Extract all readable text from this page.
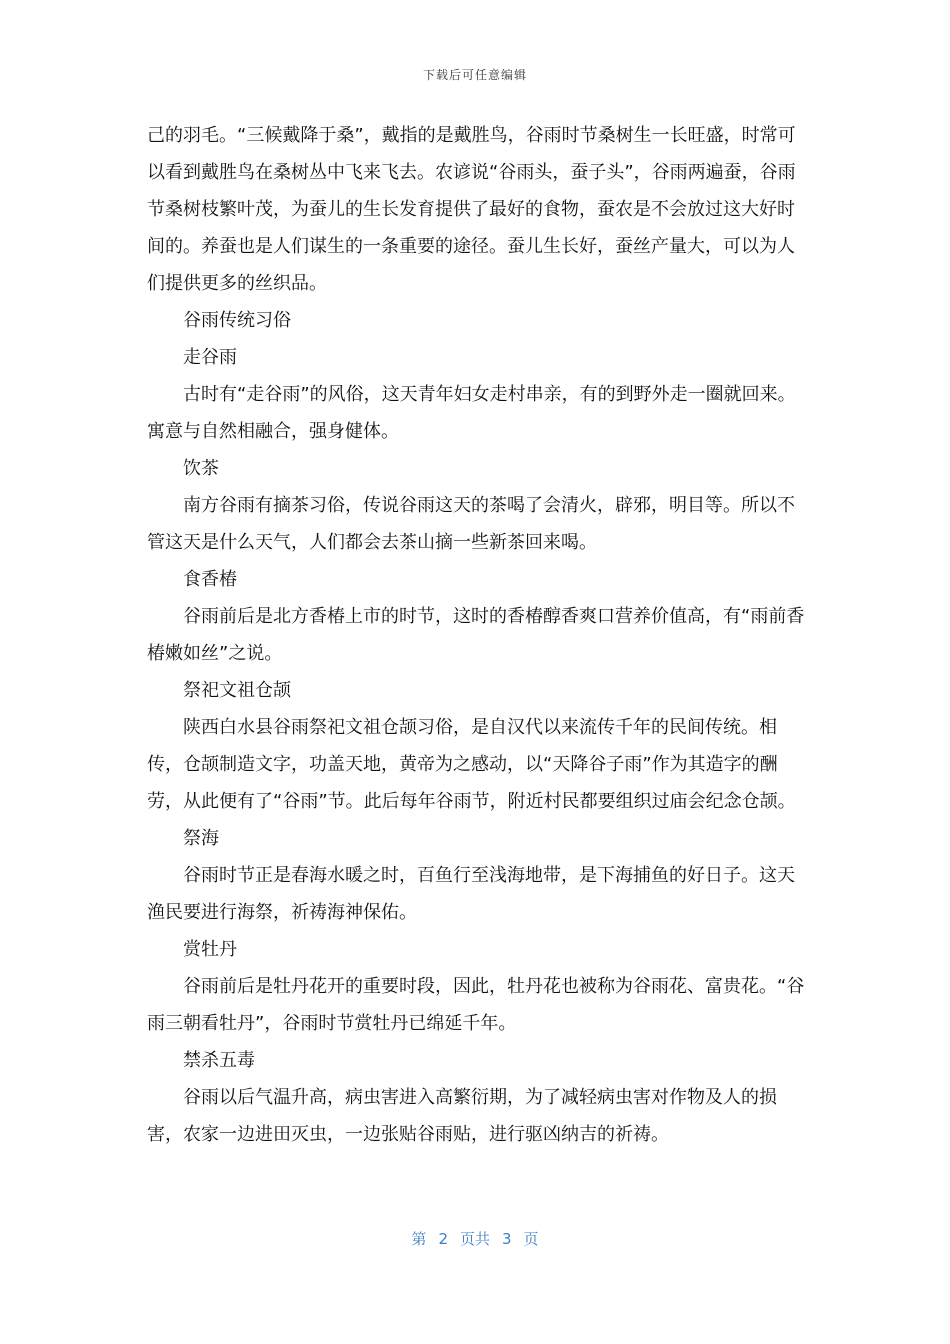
下载后可任意编辑

己的羽毛。“三候戴降于桑”，戴指的是戴胜鸟，谷雨时节桑树生一长旺盛，时常可以看到戴胜鸟在桑树丛中飞来飞去。农谚说“谷雨头，蚕子头”，谷雨两遍蚕，谷雨节桑树枝繁叶茂，为蚕儿的生长发育提供了最好的食物，蚕农是不会放过这大好时间的。养蚕也是人们谋生的一条重要的途径。蚕儿生长好，蚕丝产量大，可以为人们提供更多的丝织品。

谷雨传统习俗

走谷雨

古时有“走谷雨”的风俗，这天青年妇女走村串亲，有的到野外走一圈就回来。寓意与自然相融合，强身健体。

饮茶

南方谷雨有摘茶习俗，传说谷雨这天的茶喝了会清火，辟邪，明目等。所以不管这天是什么天气，人们都会去茶山摘一些新茶回来喝。

食香椿

谷雨前后是北方香椿上市的时节，这时的香椿醇香爽口营养价值高，有“雨前香椿嫩如丝”之说。

祭祀文祖仓颉

陕西白水县谷雨祭祀文祖仓颉习俗，是自汉代以来流传千年的民间传统。相传，仓颉制造文字，功盖天地，黄帝为之感动，以“天降谷子雨”作为其造字的酬劳，从此便有了“谷雨”节。此后每年谷雨节，附近村民都要组织过庙会纪念仓颉。

祭海

谷雨时节正是春海水暖之时，百鱼行至浅海地带，是下海捕鱼的好日子。这天渔民要进行海祭，祈祷海神保佑。

赏牡丹

谷雨前后是牡丹花开的重要时段，因此，牡丹花也被称为谷雨花、富贵花。“谷雨三朝看牡丹”，谷雨时节赏牡丹已绵延千年。

禁杀五毒

谷雨以后气温升高，病虫害进入高繁衍期，为了减轻病虫害对作物及人的损害，农家一边进田灭虫，一边张贴谷雨贴，进行驱凶纳吉的祈祷。

第 2 页共 3 页
